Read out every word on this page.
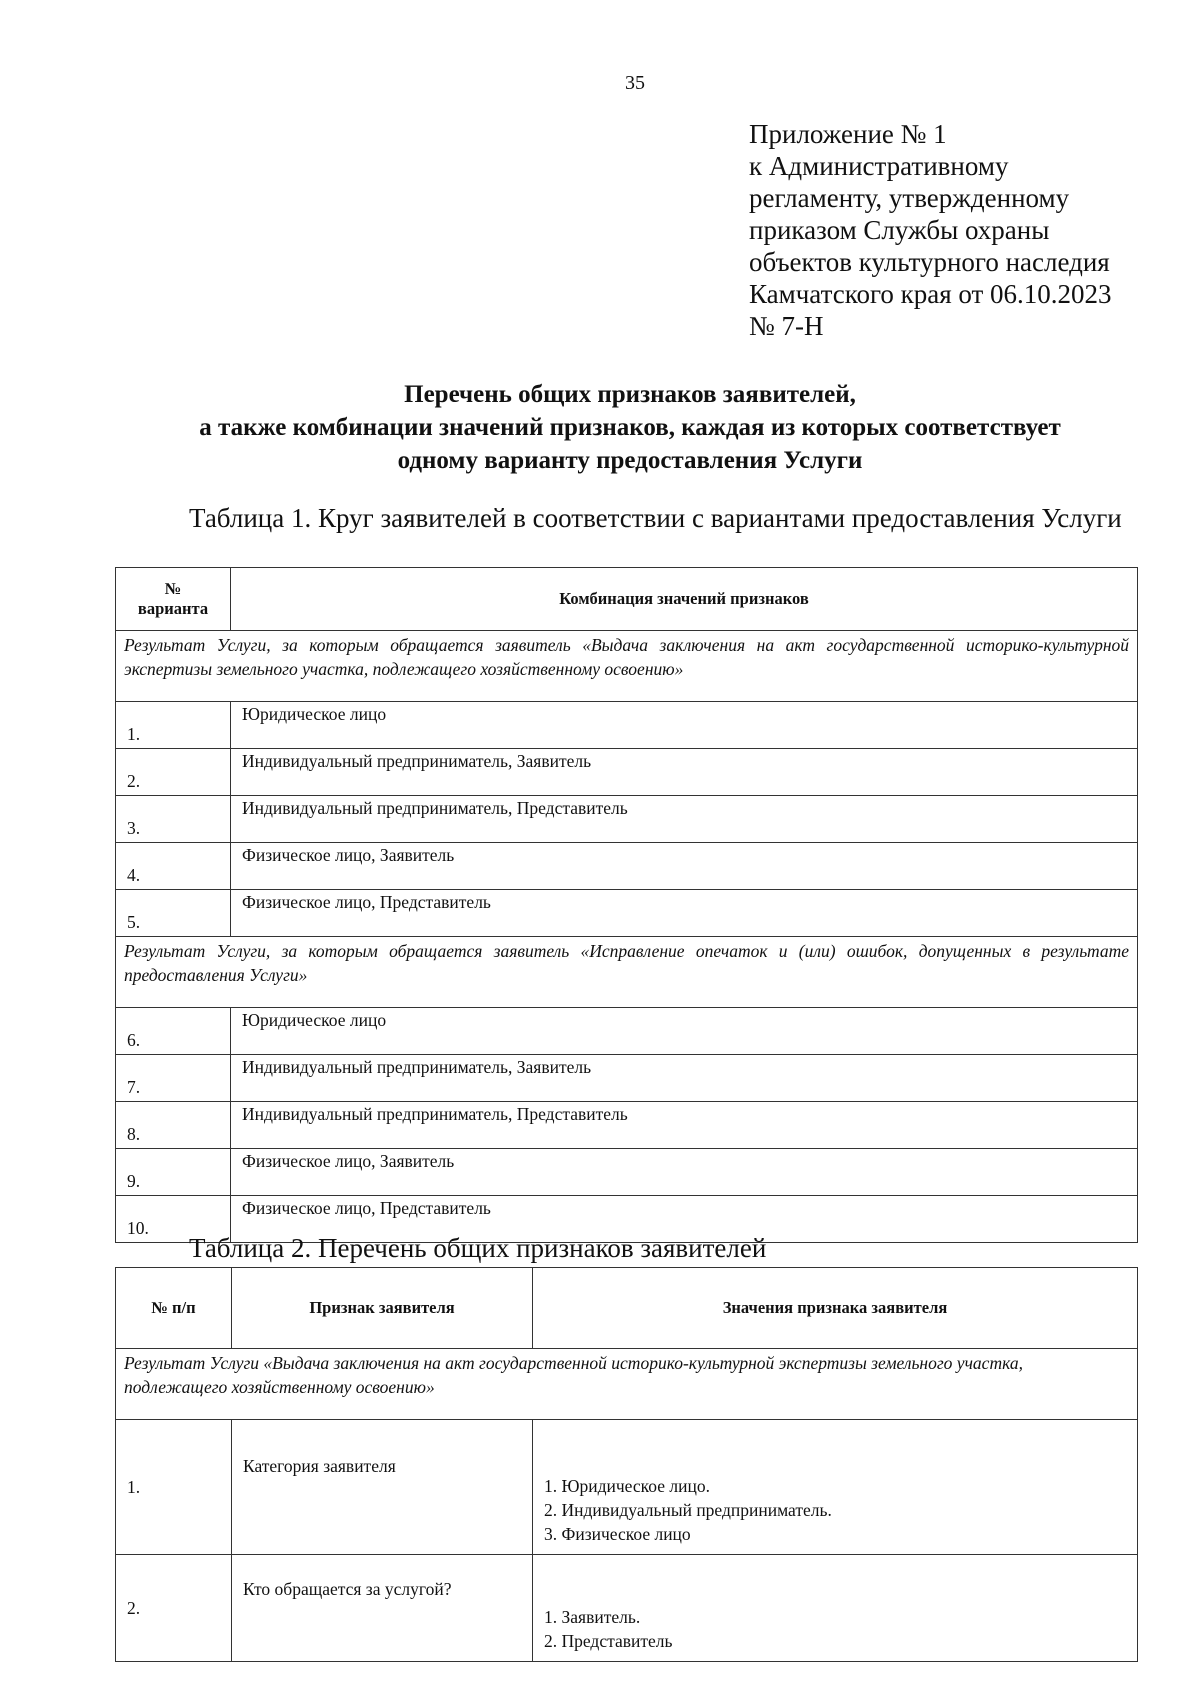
35
Приложение № 1
к Административному
регламенту, утвержденному
приказом Службы охраны
объектов культурного наследия
Камчатского края от 06.10.2023
№ 7-Н
Перечень общих признаков заявителей,
а также комбинации значений признаков, каждая из которых соответствует
одному варианту предоставления Услуги
Таблица 1. Круг заявителей в соответствии с вариантами предоставления Услуги
№
варианта	Комбинация значений признаков
Результат Услуги, за которым обращается заявитель «Выдача заключения на акт государственной историко-культурной экспертизы земельного участка, подлежащего хозяйственному освоению»	
1.	Юридическое лицо
2.	Индивидуальный предприниматель, Заявитель
3.	Индивидуальный предприниматель, Представитель
4.	Физическое лицо, Заявитель
5.	Физическое лицо, Представитель
Результат Услуги, за которым обращается заявитель «Исправление опечаток и (или) ошибок, допущенных в результате предоставления Услуги»	
6.	Юридическое лицо
7.	Индивидуальный предприниматель, Заявитель
8.	Индивидуальный предприниматель, Представитель
9.	Физическое лицо, Заявитель
10.	Физическое лицо, Представитель
Таблица 2. Перечень общих признаков заявителей
№ п/п	Признак заявителя	Значения признака заявителя
Результат Услуги «Выдача заключения на акт государственной историко-культурной экспертизы земельного участка, подлежащего хозяйственному освоению»		
1.	Категория заявителя	1. Юридическое лицо.
2. Индивидуальный предприниматель.
3. Физическое лицо

2.	Кто обращается за услугой?	1. Заявитель.
2. Представитель
